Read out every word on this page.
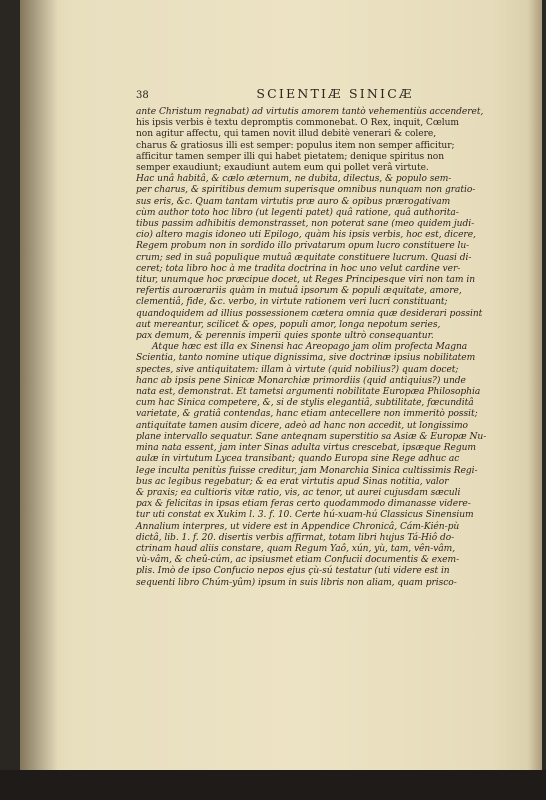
38	SCIENTIÆ SINICÆ
ante Christum regnabat) ad virtutis amorem tantò vehementiùs accenderet,
his ipsis verbis è textu depromptis commonebat. O Rex, inquit, Cœlum
non agitur affectu, qui tamen novit illud debitè venerari & colere,
charus & gratiosus illi est semper: populus item non semper afficitur;
afficitur tamen semper illi qui habet pietatem; denique spiritus non
semper exaudiunt; exaudiunt autem eum qui pollet verâ virtute.
Hac unâ habitâ, & cælo æternum, ne dubita, dilectus, & populo sem-
per charus, & spiritibus demum superisque omnibus nunquam non gratio-
sus eris, &c. Quam tantam virtutis præ auro & opibus prærogativam
cùm author toto hoc libro (ut legenti patet) quâ ratione, quâ authorita-
tibus passim adhibitis demonstrasset, non poterat sane (meo quidem judi-
cio) altero magis idoneo uti Epilogo, quàm his ipsis verbis, hoc est, dicere,
Regem probum non in sordido illo privatarum opum lucro constituere lu-
crum; sed in suâ populique mutuâ æquitate constituere lucrum. Quasi di-
ceret; tota libro hoc à me tradita doctrina in hoc uno velut cardine ver-
titur, unumque hoc præcipue docet, ut Reges Principesque viri non tam in
refertis auroærariis quàm in mutuâ ipsorum & populi æquitate, amore,
clementiâ, fide, &c. verbo, in virtute rationem veri lucri constituant;
quandoquidem ad illius possessionem cætera omnia quæ desiderari possint
aut mereantur, scilicet & opes, populi amor, longa nepotum series,
pax demum, & perennis imperii quies sponte ultrò consequantur.
Atque hæc est illa ex Sinensi hac Areopago jam olim profecta Magna
Scientia, tanto nomine utique dignissima, sive doctrinæ ipsius nobilitatem
spectes, sive antiquitatem: illam à virtute (quid nobilius?) quam docet;
hanc ab ipsis pene Sinicæ Monarchiæ primordiis (quid antiquius?) unde
nata est, demonstrat. Et tametsi argumenti nobilitate Europæa Philosophia
cum hac Sinica competere, &, si de stylis elegantiâ, subtilitate, fœcunditâ
varietate, & gratiâ contendas, hanc etiam antecellere non immeritò possit;
antiquitate tamen ausim dicere, adeò ad hanc non accedit, ut longissimo
plane intervallo sequatur. Sane anteqnam superstitio sa Asiæ & Europæ Nu-
mina nata essent, jam inter Sinas adulta virtus crescebat, ipsæque Regum
aulæ in virtutum Lycea transibant; quando Europa sine Rege adhuc ac
lege inculta penitùs fuisse creditur, jam Monarchia Sinica cultissimis Regi-
bus ac legibus regebatur; & ea erat virtutis apud Sinas notitia, valor
& praxis; ea cultioris vitæ ratio, vis, ac tenor, ut aurei cujusdam sæculi
pax & felicitas in ipsas etiam feras certo quodammodo dimanasse videre-
tur uti constat ex Xukim l. 3. f. 10. Certe hú-xuam-hú Classicus Sinensium
Annalium interpres, ut videre est in Appendice Chronicâ, Cám-Kién-pù
dictâ, lib. 1. f. 20. disertis verbis affirmat, totam libri hujus Tá-Hiô do-
ctrinam haud aliis constare, quam Regum Yaô, xún, yù, tam, vên-vâm,
vù-vâm, & cheû-cúm, ac ipsiusmet etiam Confucii documentis & exem-
plis. Imò de ipso Confucio nepos ejus çù-sú testatur (uti videre est in
sequenti libro Chúm-yûm) ipsum in suis libris non aliam, quam prisco-
